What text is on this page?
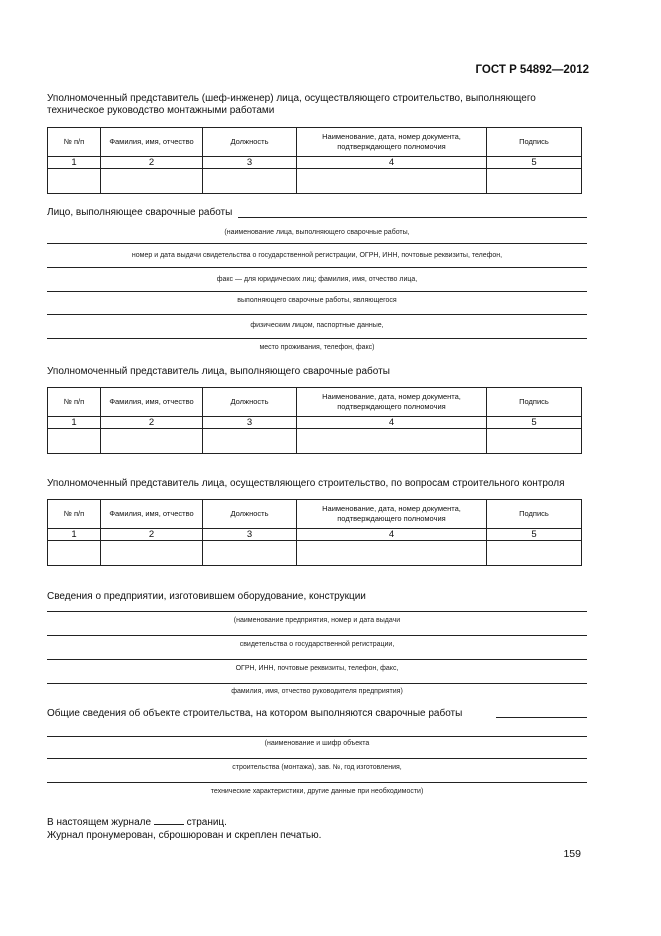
ГОСТ Р 54892—2012
Уполномоченный представитель (шеф-инженер) лица, осуществляющего строительство, выполняющего техническое руководство монтажными работами
№ п/п	Фамилия, имя, отчество	Должность	Наименование, дата, номер документа, подтверждающего полномочия	Подпись
1	2	3	4	5

Лицо, выполняющее сварочные работы
(наименование лица, выполняющего сварочные работы,
номер и дата выдачи свидетельства о государственной регистрации, ОГРН, ИНН, почтовые реквизиты, телефон,
факс — для юридических лиц; фамилия, имя, отчество лица,
выполняющего сварочные работы, являющегося
физическим лицом, паспортные данные,
место проживания, телефон, факс)
Уполномоченный представитель лица, выполняющего сварочные работы
№ п/п	Фамилия, имя, отчество	Должность	Наименование, дата, номер документа, подтверждающего полномочия	Подпись
1	2	3	4	5

Уполномоченный представитель лица, осуществляющего строительство, по вопросам строительного контроля
№ п/п	Фамилия, имя, отчество	Должность	Наименование, дата, номер документа, подтверждающего полномочия	Подпись
1	2	3	4	5

Сведения о предприятии, изготовившем оборудование, конструкции
(наименование предприятия, номер и дата выдачи
свидетельства о государственной регистрации,
ОГРН, ИНН, почтовые реквизиты, телефон, факс,
фамилия, имя, отчество руководителя предприятия)
Общие сведения об объекте строительства, на котором выполняются сварочные работы
(наименование и шифр объекта
строительства (монтажа), зав. №, год изготовления,
технические характеристики, другие данные при необходимости)
В настоящем журнале	страниц.
Журнал пронумерован, сброшюрован и скреплен печатью.
159
